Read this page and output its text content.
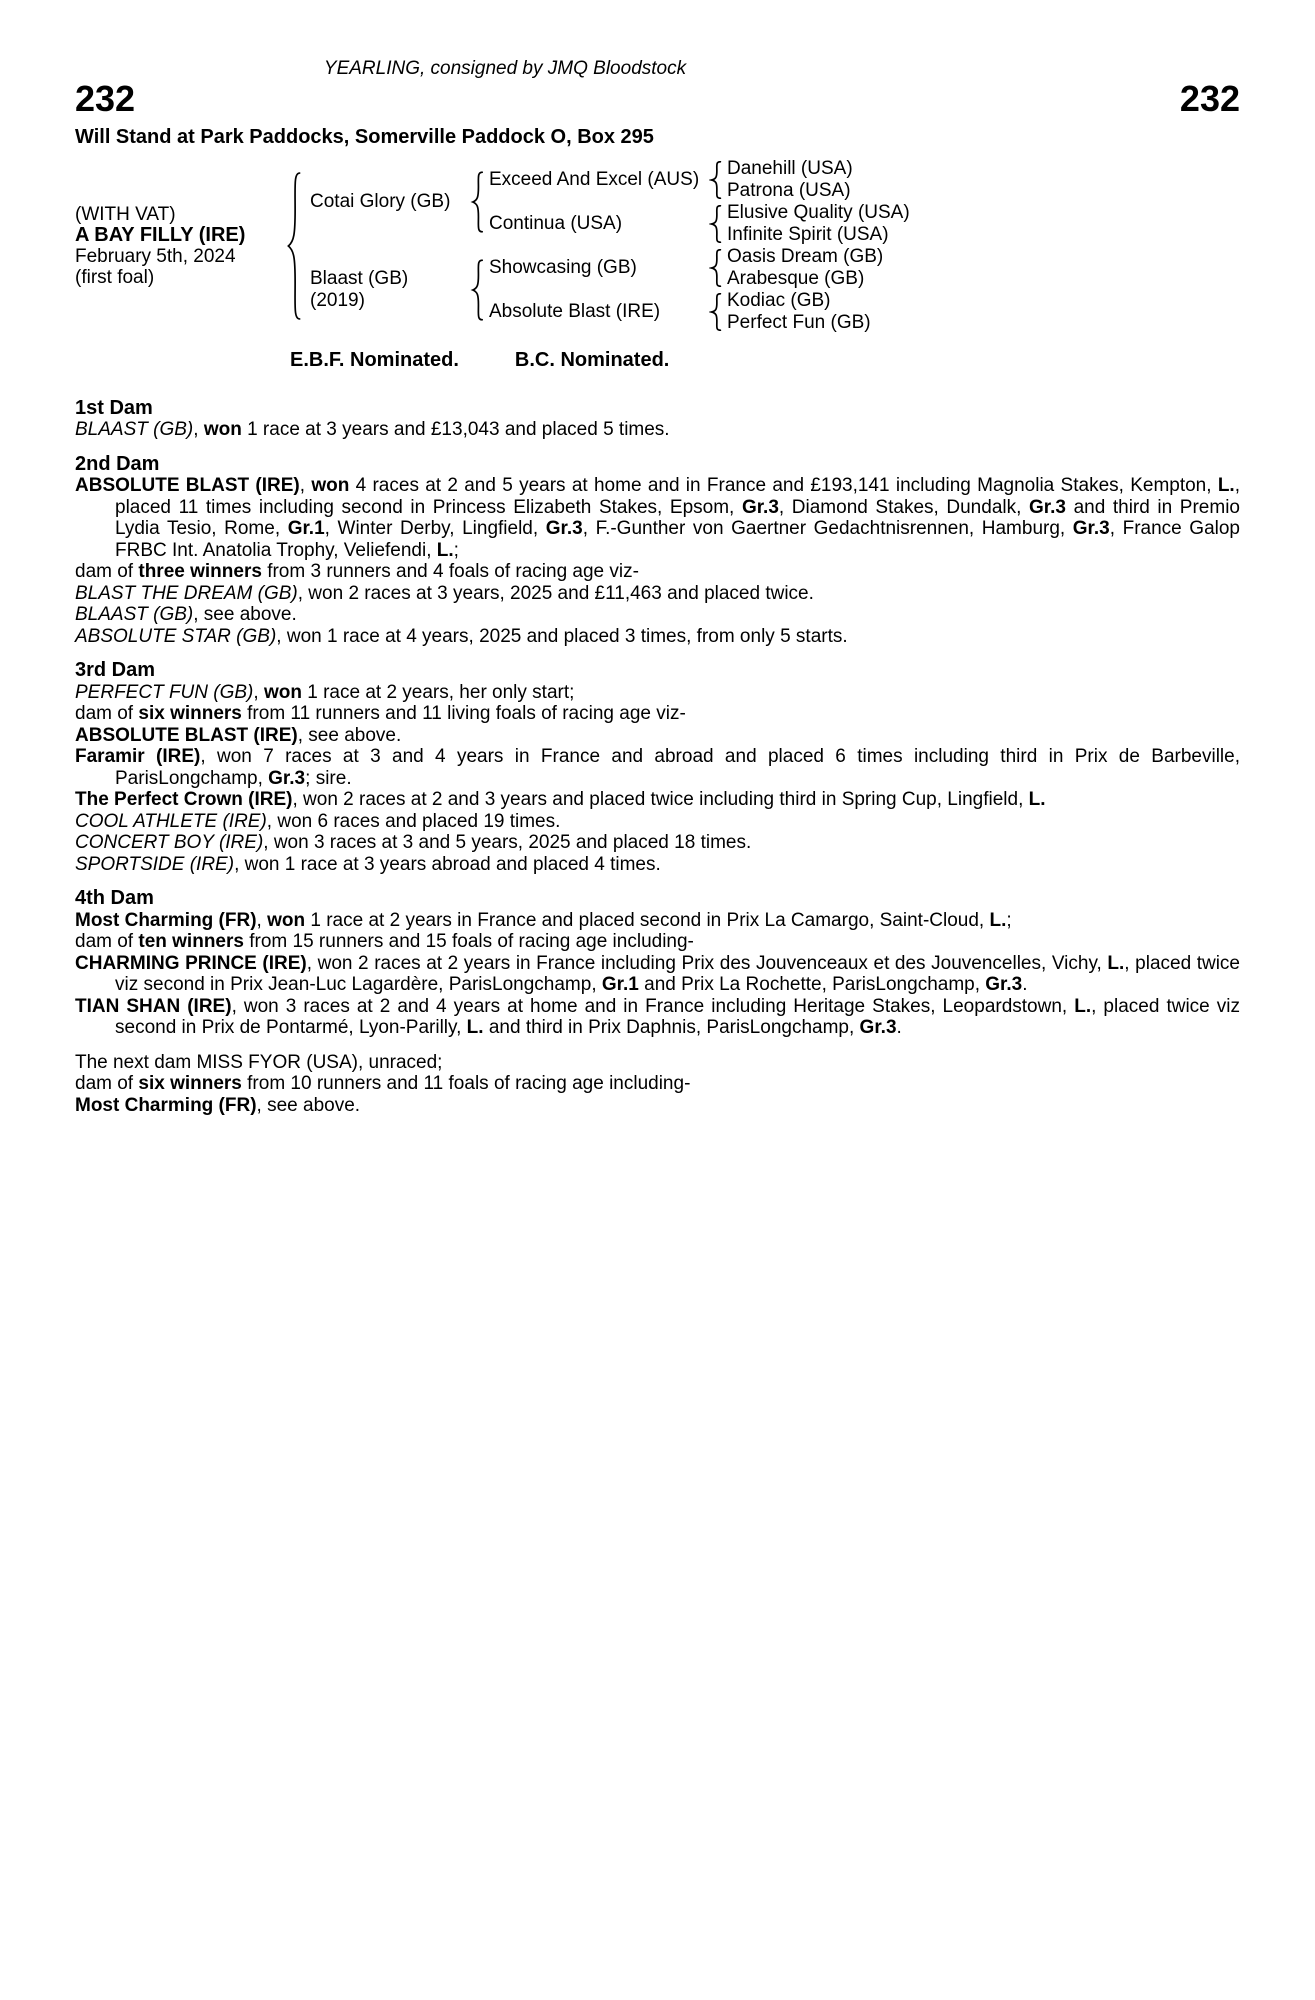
YEARLING, consigned by JMQ Bloodstock
232	232
Will Stand at Park Paddocks, Somerville Paddock O, Box 295
(WITH VAT)
A BAY FILLY (IRE)
February 5th, 2024
(first foal)
Cotai Glory (GB)
Exceed And Excel (AUS)
Danehill (USA)
Patrona (USA)
Continua (USA)
Elusive Quality (USA)
Infinite Spirit (USA)
Blaast (GB)
(2019)
Showcasing (GB)
Oasis Dream (GB)
Arabesque (GB)
Absolute Blast (IRE)
Kodiac (GB)
Perfect Fun (GB)
E.B.F. Nominated.	B.C. Nominated.
1st Dam

BLAAST (GB), won 1 race at 3 years and £13,043 and placed 5 times.

2nd Dam

ABSOLUTE BLAST (IRE), won 4 races at 2 and 5 years at home and in France and £193,141 including Magnolia Stakes, Kempton, L., placed 11 times including second in Princess Elizabeth Stakes, Epsom, Gr.3, Diamond Stakes, Dundalk, Gr.3 and third in Premio Lydia Tesio, Rome, Gr.1, Winter Derby, Lingfield, Gr.3, F.-Gunther von Gaertner Gedachtnisrennen, Hamburg, Gr.3, France Galop FRBC Int. Anatolia Trophy, Veliefendi, L.;

dam of three winners from 3 runners and 4 foals of racing age viz-

BLAST THE DREAM (GB), won 2 races at 3 years, 2025 and £11,463 and placed twice.

BLAAST (GB), see above.

ABSOLUTE STAR (GB), won 1 race at 4 years, 2025 and placed 3 times, from only 5 starts.

3rd Dam

PERFECT FUN (GB), won 1 race at 2 years, her only start;

dam of six winners from 11 runners and 11 living foals of racing age viz-

ABSOLUTE BLAST (IRE), see above.

Faramir (IRE), won 7 races at 3 and 4 years in France and abroad and placed 6 times including third in Prix de Barbeville, ParisLongchamp, Gr.3; sire.

The Perfect Crown (IRE), won 2 races at 2 and 3 years and placed twice including third in Spring Cup, Lingfield, L.

COOL ATHLETE (IRE), won 6 races and placed 19 times.

CONCERT BOY (IRE), won 3 races at 3 and 5 years, 2025 and placed 18 times.

SPORTSIDE (IRE), won 1 race at 3 years abroad and placed 4 times.

4th Dam

Most Charming (FR), won 1 race at 2 years in France and placed second in Prix La Camargo, Saint-Cloud, L.;

dam of ten winners from 15 runners and 15 foals of racing age including-

CHARMING PRINCE (IRE), won 2 races at 2 years in France including Prix des Jouvenceaux et des Jouvencelles, Vichy, L., placed twice viz second in Prix Jean-Luc Lagardère, ParisLongchamp, Gr.1 and Prix La Rochette, ParisLongchamp, Gr.3.

TIAN SHAN (IRE), won 3 races at 2 and 4 years at home and in France including Heritage Stakes, Leopardstown, L., placed twice viz second in Prix de Pontarmé, Lyon-Parilly, L. and third in Prix Daphnis, ParisLongchamp, Gr.3.

The next dam MISS FYOR (USA), unraced;

dam of six winners from 10 runners and 11 foals of racing age including-

Most Charming (FR), see above.
